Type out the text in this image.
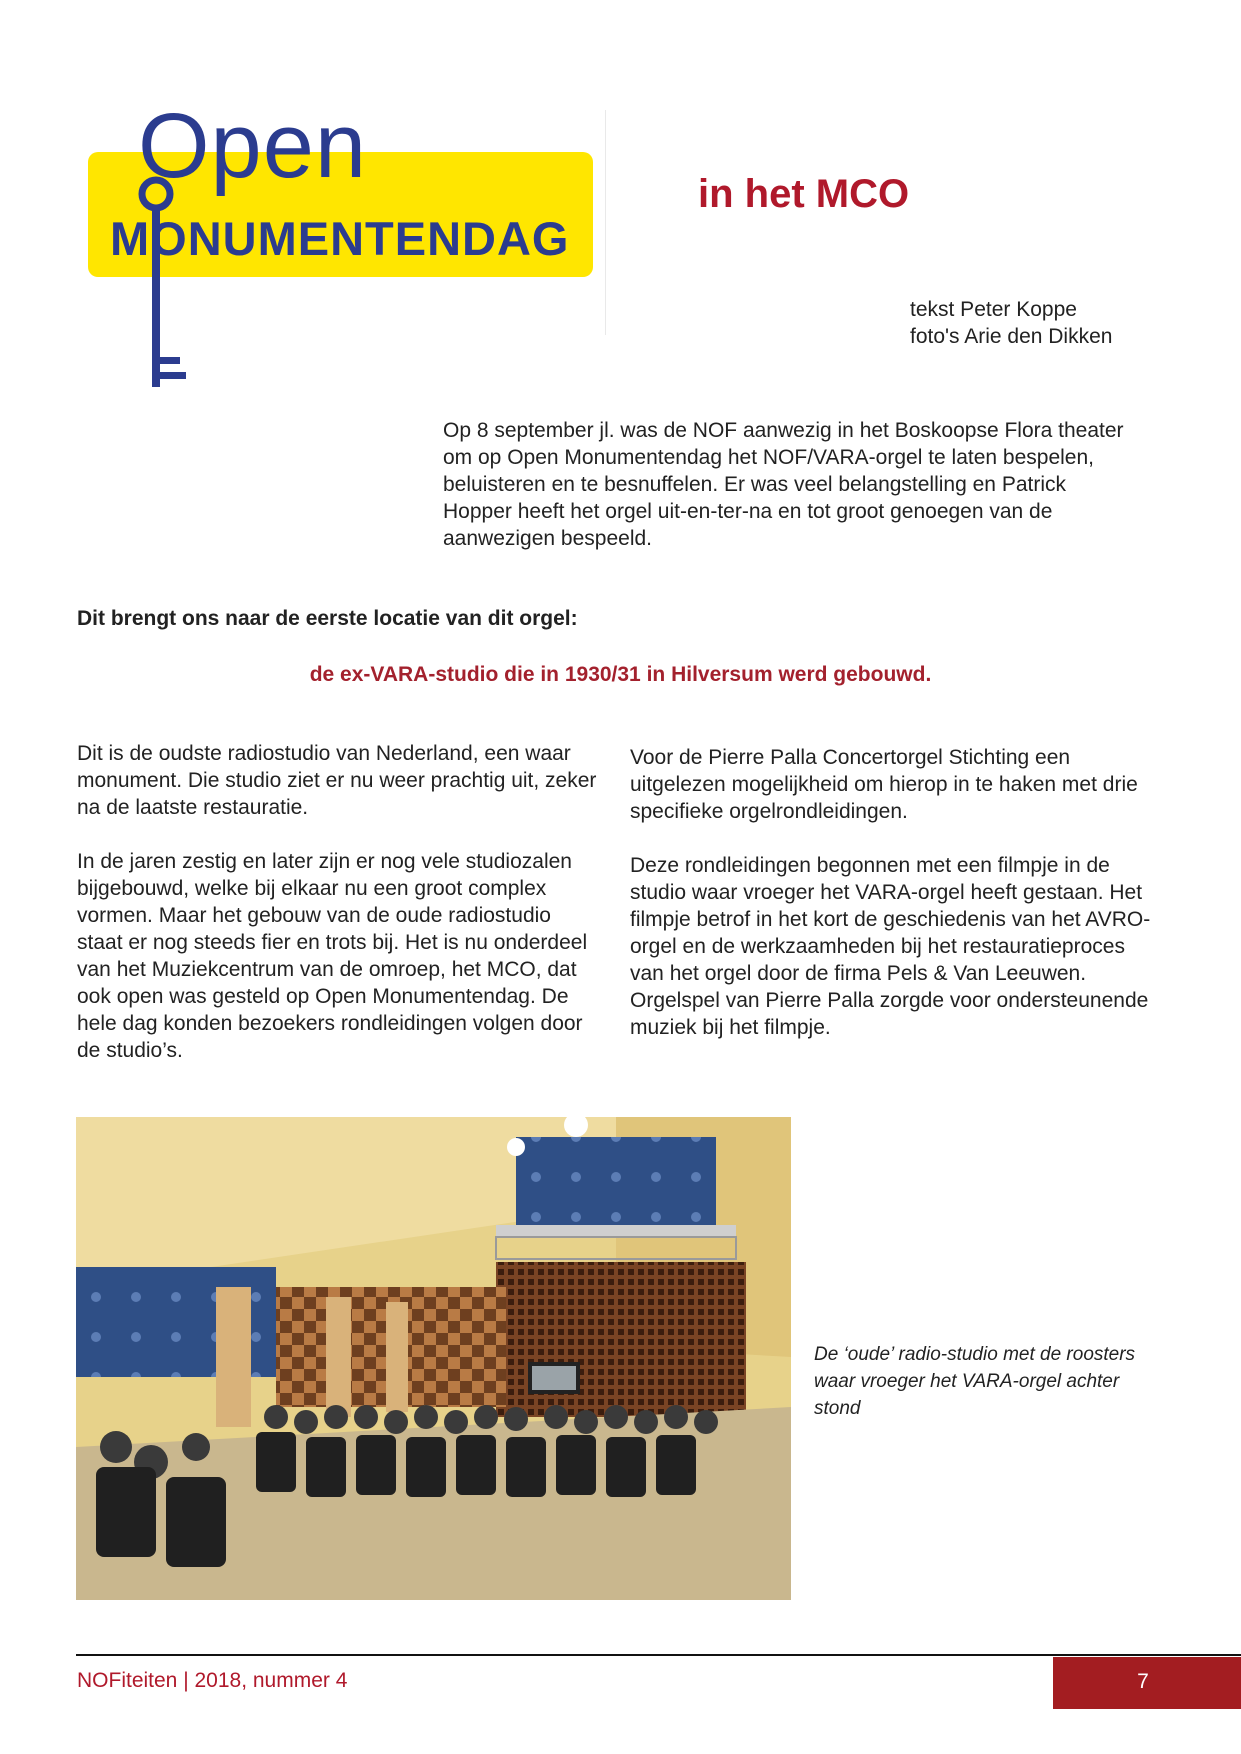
Open
MONUMENTENDAG
in het MCO
tekst Peter Koppe
foto's Arie den Dikken
Op 8 september jl. was de NOF aanwezig in het Boskoopse Flora theater om op Open Monumentendag het NOF/VARA-orgel te laten bespelen, beluisteren en te besnuffelen. Er was veel belangstelling en Patrick Hopper heeft het orgel uit-en-ter-na en tot groot genoegen van de aanwezigen bespeeld.
Dit brengt ons naar de eerste locatie van dit orgel:
de ex-VARA-studio die in 1930/31 in Hilversum werd gebouwd.

Dit is de oudste radiostudio van Nederland, een waar monument. Die studio ziet er nu weer prachtig uit, zeker na de laatste restauratie.

In de jaren zestig en later zijn er nog vele studiozalen bijgebouwd, welke bij elkaar nu een groot complex vormen. Maar het gebouw van de oude radiostudio staat er nog steeds fier en trots bij. Het is nu onderdeel van het Muziekcentrum van de omroep, het MCO, dat ook open was gesteld op Open Monumentendag. De hele dag konden bezoekers rondleidingen volgen door de studio’s.

Voor de Pierre Palla Concertorgel Stichting een uitgelezen mogelijkheid om hierop in te haken met drie specifieke orgelrondleidingen.

Deze rondleidingen begonnen met een filmpje in de studio waar vroeger het VARA-orgel heeft gestaan. Het filmpje betrof in het kort de geschiedenis van het AVRO-orgel en de werkzaamheden bij het restauratieproces van het orgel door de firma Pels & Van Leeuwen. Orgelspel van Pierre Palla zorgde voor ondersteunende muziek bij het filmpje.

De ‘oude’ radio-studio met de roosters waar vroeger het VARA-orgel achter stond
NOFiteiten | 2018, nummer 4	7
